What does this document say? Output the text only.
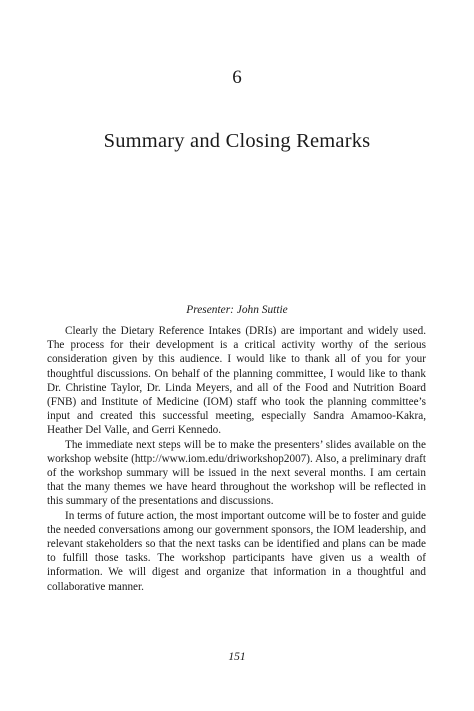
6
Summary and Closing Remarks
Presenter: John Suttie

Clearly the Dietary Reference Intakes (DRIs) are important and widely used. The process for their development is a critical activity worthy of the serious consideration given by this audience. I would like to thank all of you for your thoughtful discussions. On behalf of the planning committee, I would like to thank Dr. Christine Taylor, Dr. Linda Meyers, and all of the Food and Nutrition Board (FNB) and Institute of Medicine (IOM) staff who took the planning committee’s input and created this successful meeting, especially Sandra Amamoo-Kakra, Heather Del Valle, and Gerri Kennedo.

The immediate next steps will be to make the presenters’ slides available on the workshop website (http://www.iom.edu/driworkshop2007). Also, a preliminary draft of the workshop summary will be issued in the next several months. I am certain that the many themes we have heard throughout the workshop will be reflected in this summary of the presentations and discussions.

In terms of future action, the most important outcome will be to foster and guide the needed conversations among our government sponsors, the IOM leadership, and relevant stakeholders so that the next tasks can be identified and plans can be made to fulfill those tasks. The workshop participants have given us a wealth of information. We will digest and organize that information in a thoughtful and collaborative manner.

151
